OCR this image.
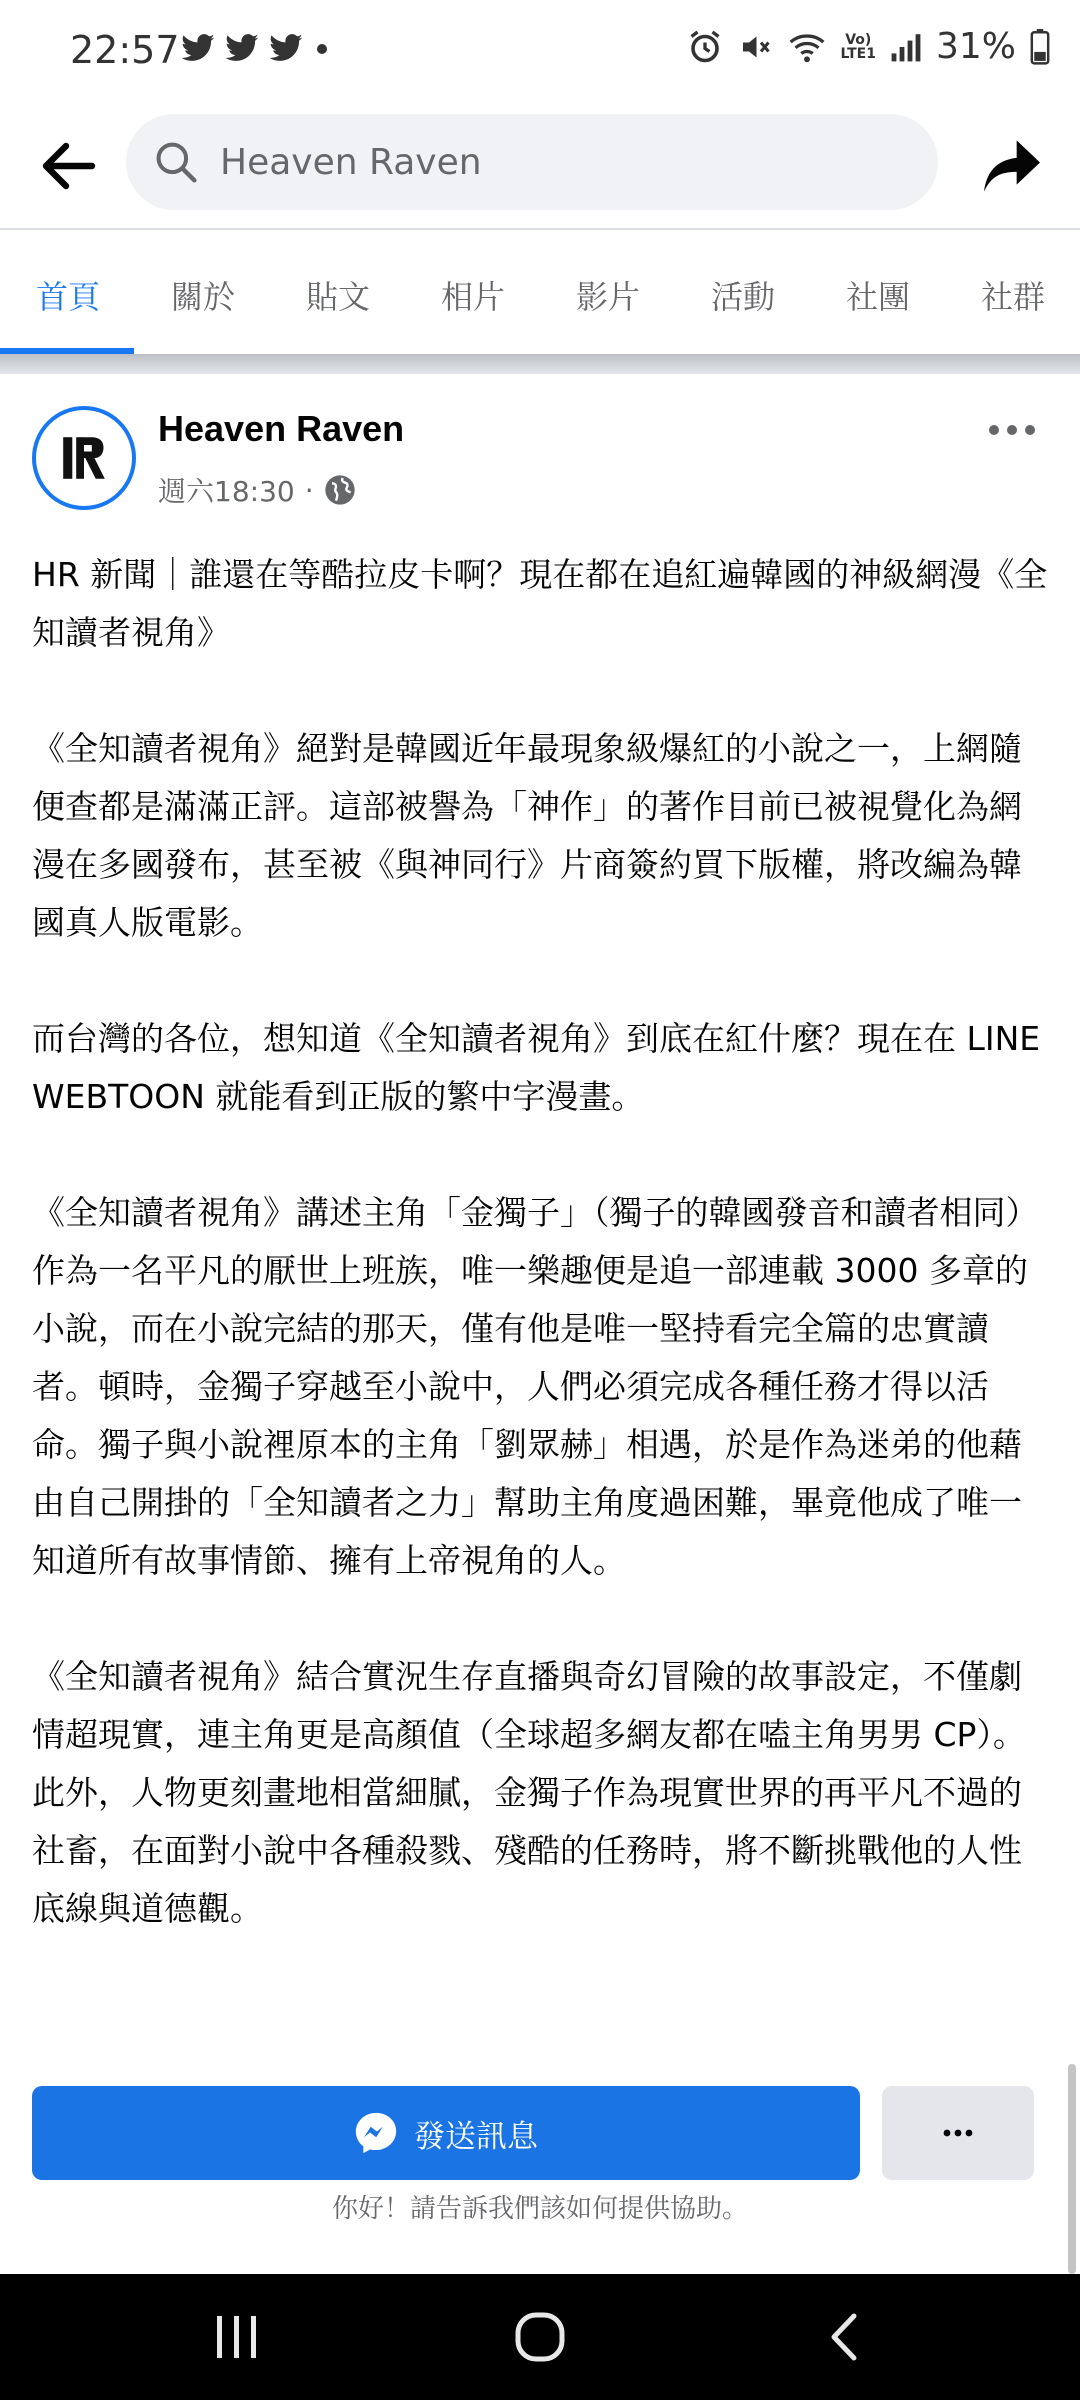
22:57	Vo)
LTE1 31%
Heaven Raven
首頁 關於 貼文 相片 影片 活動 社團 社群
Heaven Raven
週六18:30 ·

HR 新聞｜誰還在等酷拉皮卡啊？現在都在追紅遍韓國的神級網漫《全知讀者視角》

《全知讀者視角》絕對是韓國近年最現象級爆紅的小說之一，上網隨便查都是滿滿正評。這部被譽為「神作」的著作目前已被視覺化為網漫在多國發布，甚至被《與神同行》片商簽約買下版權，將改編為韓國真人版電影。

而台灣的各位，想知道《全知讀者視角》到底在紅什麼？現在在 LINE WEBTOON 就能看到正版的繁中字漫畫。

《全知讀者視角》講述主角「金獨子」（獨子的韓國發音和讀者相同）作為一名平凡的厭世上班族，唯一樂趣便是追一部連載 3000 多章的小說，而在小說完結的那天，僅有他是唯一堅持看完全篇的忠實讀者。頓時，金獨子穿越至小說中，人們必須完成各種任務才得以活命。獨子與小說裡原本的主角「劉眾赫」相遇，於是作為迷弟的他藉由自己開掛的「全知讀者之力」幫助主角度過困難，畢竟他成了唯一知道所有故事情節、擁有上帝視角的人。

《全知讀者視角》結合實況生存直播與奇幻冒險的故事設定，不僅劇情超現實，連主角更是高顏值（全球超多網友都在嗑主角男男 CP）。此外，人物更刻畫地相當細膩，金獨子作為現實世界的再平凡不過的社畜，在面對小說中各種殺戮、殘酷的任務時，將不斷挑戰他的人性底線與道德觀。

發送訊息
你好！請告訴我們該如何提供協助。
